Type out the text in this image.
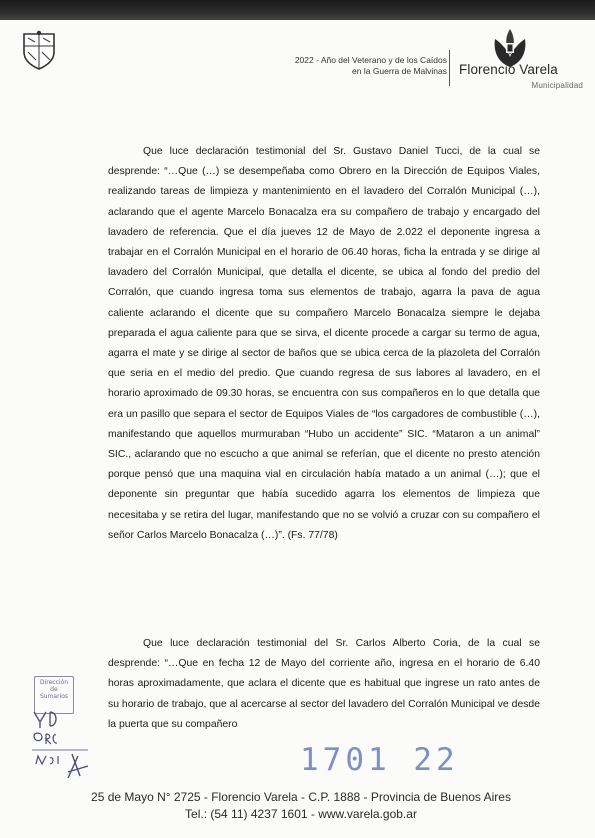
2022 - Año del Veterano y de los Caídos
en la Guerra de Malvinas Florencio Varela
Municipalidad

Que luce declaración testimonial del Sr. Gustavo Daniel Tucci, de la cual se desprende: “…Que (…) se desempeñaba como Obrero en la Dirección de Equipos Viales, realizando tareas de limpieza y mantenimiento en el lavadero del Corralón Municipal (…), aclarando que el agente Marcelo Bonacalza era su compañero de trabajo y encargado del lavadero de referencia. Que el día jueves 12 de Mayo de 2.022 el deponente ingresa a trabajar en el Corralón Municipal en el horario de 06.40 horas, ficha la entrada y se dirige al lavadero del Corralón Municipal, que detalla el dicente, se ubica al fondo del predio del Corralón, que cuando ingresa toma sus elementos de trabajo, agarra la pava de agua caliente aclarando el dicente que su compañero Marcelo Bonacalza siempre le dejaba preparada el agua caliente para que se sirva, el dicente procede a cargar su termo de agua, agarra el mate y se dirige al sector de baños que se ubica cerca de la plazoleta del Corralón que seria en el medio del predio. Que cuando regresa de sus labores al lavadero, en el horario aproximado de 09.30 horas, se encuentra con sus compañeros en lo que detalla que era un pasillo que separa el sector de Equipos Viales de “los cargadores de combustible (…), manifestando que aquellos murmuraban “Hubo un accidente” SIC. “Mataron a un animal” SIC., aclarando que no escucho a que animal se referían, que el dicente no presto atención porque pensó que una maquina vial en circulación había matado a un animal (…); que el deponente sin preguntar que había sucedido agarra los elementos de limpieza que necesitaba y se retira del lugar, manifestando que no se volvió a cruzar con su compañero el señor Carlos Marcelo Bonacalza (…)”. (Fs. 77/78)

Que luce declaración testimonial del Sr. Carlos Alberto Coria, de la cual se desprende: “…Que en fecha 12 de Mayo del corriente año, ingresa en el horario de 6.40 horas aproximadamente, que aclara el dicente que es habitual que ingrese un rato antes de su horario de trabajo, que al acercarse al sector del lavadero del Corralón Municipal ve desde la puerta que su compañero

Dirección
de
Sumarios
1701 22
25 de Mayo N° 2725 - Florencio Varela - C.P. 1888 - Provincia de Buenos Aires
Tel.: (54 11) 4237 1601 - www.varela.gob.ar
